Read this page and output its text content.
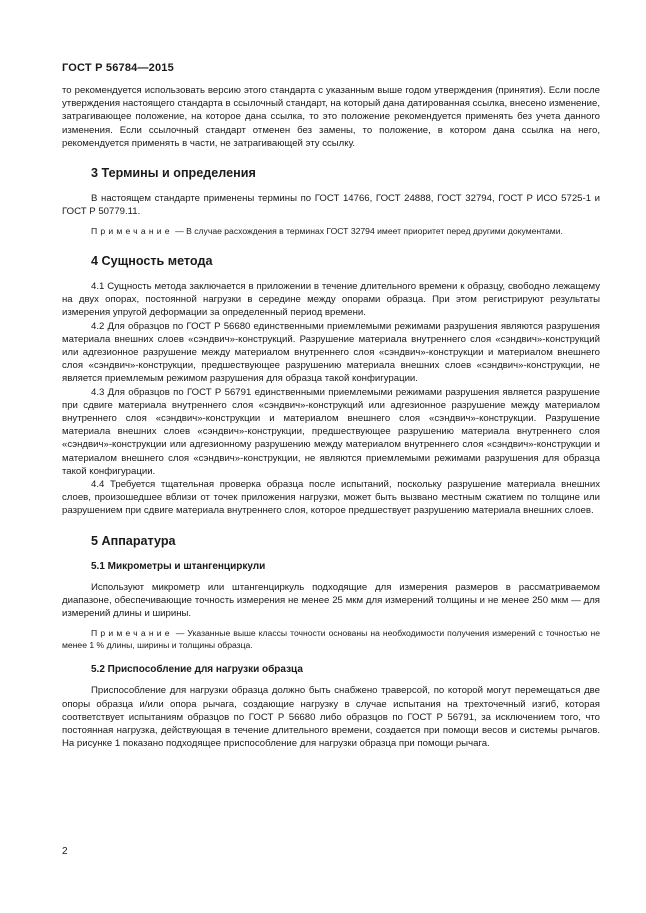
ГОСТ Р 56784—2015

то рекомендуется использовать версию этого стандарта с указанным выше годом утверждения (принятия). Если после утверждения настоящего стандарта в ссылочный стандарт, на который дана датированная ссылка, внесено изменение, затрагивающее положение, на которое дана ссылка, то это положение рекомендуется применять без учета данного изменения. Если ссылочный стандарт отменен без замены, то положение, в котором дана ссылка на него, рекомендуется применять в части, не затрагивающей эту ссылку.

3 Термины и определения

В настоящем стандарте применены термины по ГОСТ 14766, ГОСТ 24888, ГОСТ 32794, ГОСТ Р ИСО 5725-1 и ГОСТ Р 50779.11.

Примечание — В случае расхождения в терминах ГОСТ 32794 имеет приоритет перед другими документами.
4 Сущность метода

4.1 Сущность метода заключается в приложении в течение длительного времени к образцу, свободно лежащему на двух опорах, постоянной нагрузки в середине между опорами образца. При этом регистрируют результаты измерения упругой деформации за определенный период времени.

4.2 Для образцов по ГОСТ Р 56680 единственными приемлемыми режимами разрушения являются разрушения материала внешних слоев «сэндвич»-конструкций. Разрушение материала внутреннего слоя «сэндвич»-конструкций или адгезионное разрушение между материалом внутреннего слоя «сэндвич»-конструкции и материалом внешнего слоя «сэндвич»-конструкции, предшествующее разрушению материала внешних слоев «сэндвич»-конструкции, не является приемлемым режимом разрушения для образца такой конфигурации.

4.3 Для образцов по ГОСТ Р 56791 единственными приемлемыми режимами разрушения является разрушение при сдвиге материала внутреннего слоя «сэндвич»-конструкций или адгезионное разрушение между материалом внутреннего слоя «сэндвич»-конструкции и материалом внешнего слоя «сэндвич»-конструкции. Разрушение материала внешних слоев «сэндвич»-конструкции, предшествующее разрушению материала внутреннего слоя «сэндвич»-конструкции или адгезионному разрушению между материалом внутреннего слоя «сэндвич»-конструкции и материалом внешнего слоя «сэндвич»-конструкции, не являются приемлемыми режимами разрушения для образца такой конфигурации.

4.4 Требуется тщательная проверка образца после испытаний, поскольку разрушение материала внешних слоев, произошедшее вблизи от точек приложения нагрузки, может быть вызвано местным сжатием по толщине или разрушением при сдвиге материала внутреннего слоя, которое предшествует разрушению материала внешних слоев.

5 Аппаратура
5.1 Микрометры и штангенциркули

Используют микрометр или штангенциркуль подходящие для измерения размеров в рассматриваемом диапазоне, обеспечивающие точность измерения не менее 25 мкм для измерений толщины и не менее 250 мкм — для измерений длины и ширины.

Примечание — Указанные выше классы точности основаны на необходимости получения измерений с точностью не менее 1 % длины, ширины и толщины образца.
5.2 Приспособление для нагрузки образца

Приспособление для нагрузки образца должно быть снабжено траверсой, по которой могут перемещаться две опоры образца и/или опора рычага, создающие нагрузку в случае испытания на трехточечный изгиб, которая соответствует испытаниям образцов по ГОСТ Р 56680 либо образцов по ГОСТ Р 56791, за исключением того, что постоянная нагрузка, действующая в течение длительного времени, создается при помощи весов и системы рычагов. На рисунке 1 показано подходящее приспособление для нагрузки образца при помощи рычага.

2
